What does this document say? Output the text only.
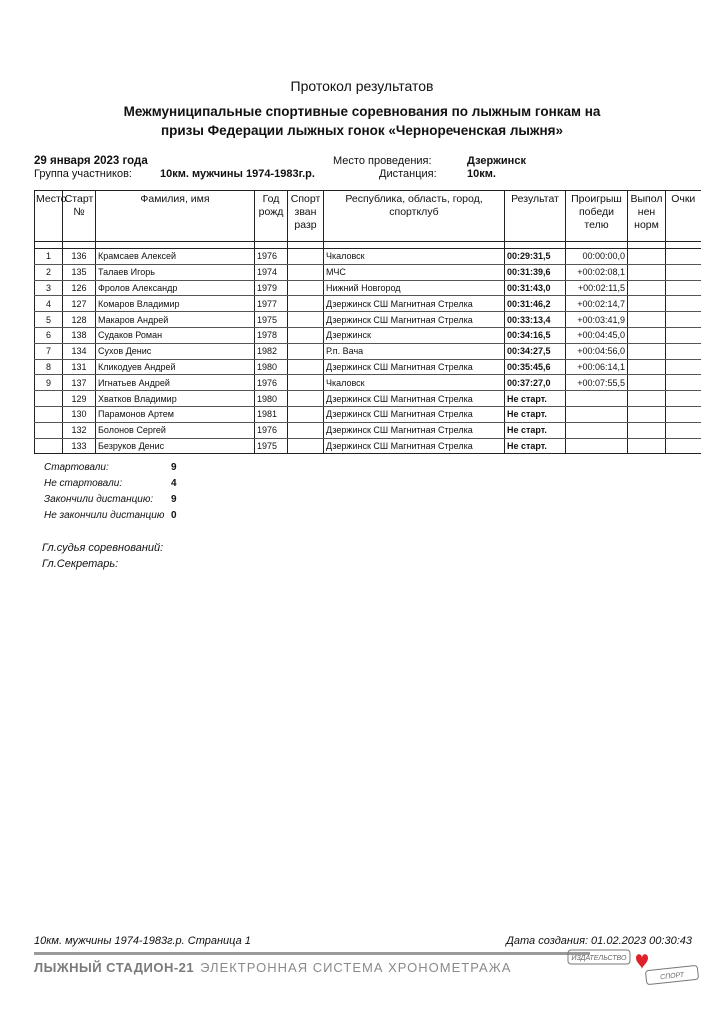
Протокол результатов
Межмуниципальные спортивные соревнования по лыжным гонкам на
призы Федерации лыжных гонок «Чернореченская лыжня»
29 января 2023 года	Место проведения:	Дзержинск
Группа участников:	10км. мужчины 1974-1983г.р.	Дистанция:	10км.
Место	Старт №	Фамилия, имя	Год рожд	Спорт зван разр	Республика, область, город, спортклуб	Результат	Проигрыш победи телю	Выпол нен норм	Очки

1	136	Крамсаев Алексей	1976		Чкаловск	00:29:31,5	00:00:00,0		
2	135	Талаев Игорь	1974		МЧС	00:31:39,6	+00:02:08,1		
3	126	Фролов Александр	1979		Нижний Новгород	00:31:43,0	+00:02:11,5		
4	127	Комаров Владимир	1977		Дзержинск СШ Магнитная Стрелка	00:31:46,2	+00:02:14,7		
5	128	Макаров Андрей	1975		Дзержинск СШ Магнитная Стрелка	00:33:13,4	+00:03:41,9		
6	138	Судаков Роман	1978		Дзержинск	00:34:16,5	+00:04:45,0		
7	134	Сухов Денис	1982		Р.п. Вача	00:34:27,5	+00:04:56,0		
8	131	Кликодуев Андрей	1980		Дзержинск СШ Магнитная Стрелка	00:35:45,6	+00:06:14,1		
9	137	Игнатьев Андрей	1976		Чкаловск	00:37:27,0	+00:07:55,5		
	129	Хватков Владимир	1980		Дзержинск СШ Магнитная Стрелка	Не старт.			
	130	Парамонов Артем	1981		Дзержинск СШ Магнитная Стрелка	Не старт.			
	132	Болонов Сергей	1976		Дзержинск СШ Магнитная Стрелка	Не старт.			
	133	Безруков Денис	1975		Дзержинск СШ Магнитная Стрелка	Не старт.			
Стартовали:	9
Не стартовали:	4
Закончили дистанцию: 9
Не закончили дистанцию 0
Гл.судья соревнований:
Гл.Секретарь:
10км. мужчины 1974-1983г.р. Страница 1	Дата создания: 01.02.2023 00:30:43
ЛЫЖНЫЙ СТАДИОН-21 ЭЛЕКТРОННАЯ СИСТЕМА ХРОНОМЕТРАЖА
ИЗДАТЕЛЬСТВО
СПОРТ
